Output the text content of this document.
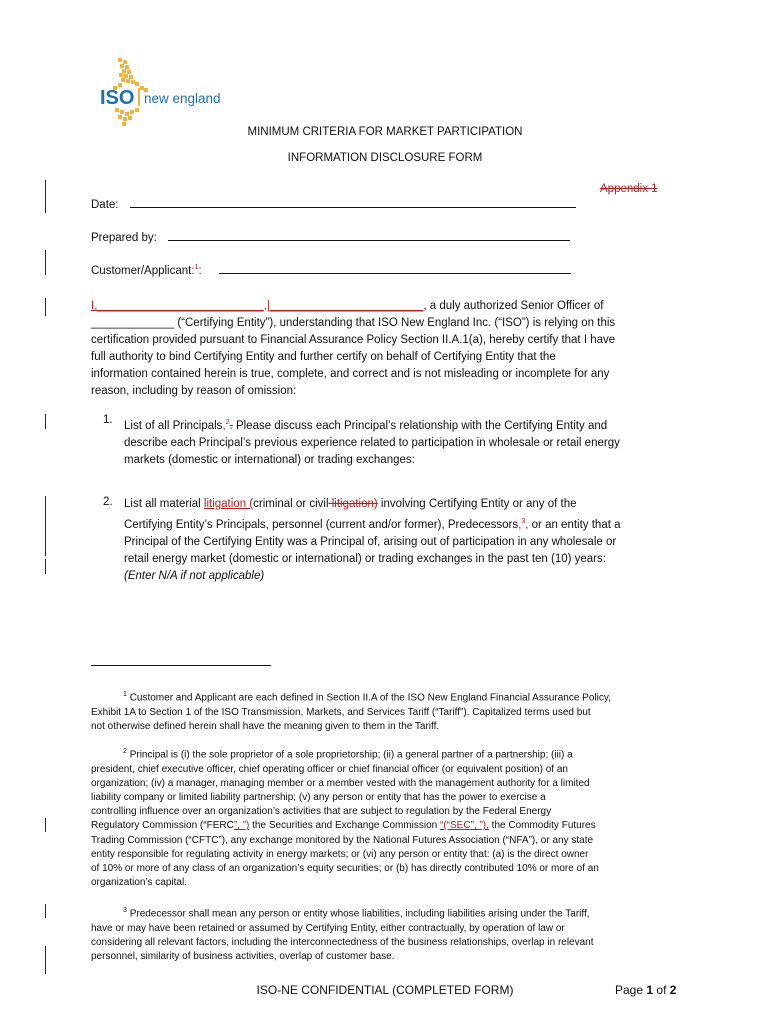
ISO new england
MINIMUM CRITERIA FOR MARKET PARTICIPATION
INFORMATION DISCLOSURE FORM
Appendix 1
Date:
Prepared by:
Customer/Applicant:$^1$:

I,__________________________,|________________________, a duly authorized Senior Officer of
_____________ (“Certifying Entity”), understanding that ISO New England Inc. (“ISO”) is relying on this
certification provided pursuant to Financial Assurance Policy Section II.A.1(a), hereby certify that I have
full authority to bind Certifying Entity and further certify on behalf of Certifying Entity that the
information contained herein is true, complete, and correct and is not misleading or incomplete for any
reason, including by reason of omission:

1. List of all Principals,$^2$. Please discuss each Principal’s relationship with the Certifying Entity and
describe each Principal’s previous experience related to participation in wholesale or retail energy
markets (domestic or international) or trading exchanges:

2. List all material litigation (criminal or civil litigation) involving Certifying Entity or any of the
Certifying Entity’s Principals, personnel (current and/or former), Predecessors,$^3$, or an entity that a
Principal of the Certifying Entity was a Principal of, arising out of participation in any wholesale or
retail energy market (domestic or international) or trading exchanges in the past ten (10) years:
(Enter N/A if not applicable)

$^1$ Customer and Applicant are each defined in Section II.A of the ISO New England Financial Assurance Policy,
Exhibit 1A to Section 1 of the ISO Transmission, Markets, and Services Tariff (“Tariff”). Capitalized terms used but
not otherwise defined herein shall have the meaning given to them in the Tariff.

$^2$ Principal is (i) the sole proprietor of a sole proprietorship; (ii) a general partner of a partnership; (iii) a
president, chief executive officer, chief operating officer or chief financial officer (or equivalent position) of an
organization; (iv) a manager, managing member or a member vested with the management authority for a limited
liability company or limited liability partnership; (v) any person or entity that has the power to exercise a
controlling influence over an organization’s activities that are subject to regulation by the Federal Energy
Regulatory Commission (“FERC”, ”) the Securities and Exchange Commission “(“SEC”, ”), the Commodity Futures
Trading Commission (“CFTC”), any exchange monitored by the National Futures Association (“NFA”), or any state
entity responsible for regulating activity in energy markets; or (vi) any person or entity that: (a) is the direct owner
of 10% or more of any class of an organization’s equity securities; or (b) has directly contributed 10% or more of an
organization’s capital.

$^3$ Predecessor shall mean any person or entity whose liabilities, including liabilities arising under the Tariff,
have or may have been retained or assumed by Certifying Entity, either contractually, by operation of law or
considering all relevant factors, including the interconnectedness of the business relationships, overlap in relevant
personnel, similarity of business activities, overlap of customer base.

ISO-NE CONFIDENTIAL (COMPLETED FORM)	Page 1 of 2
